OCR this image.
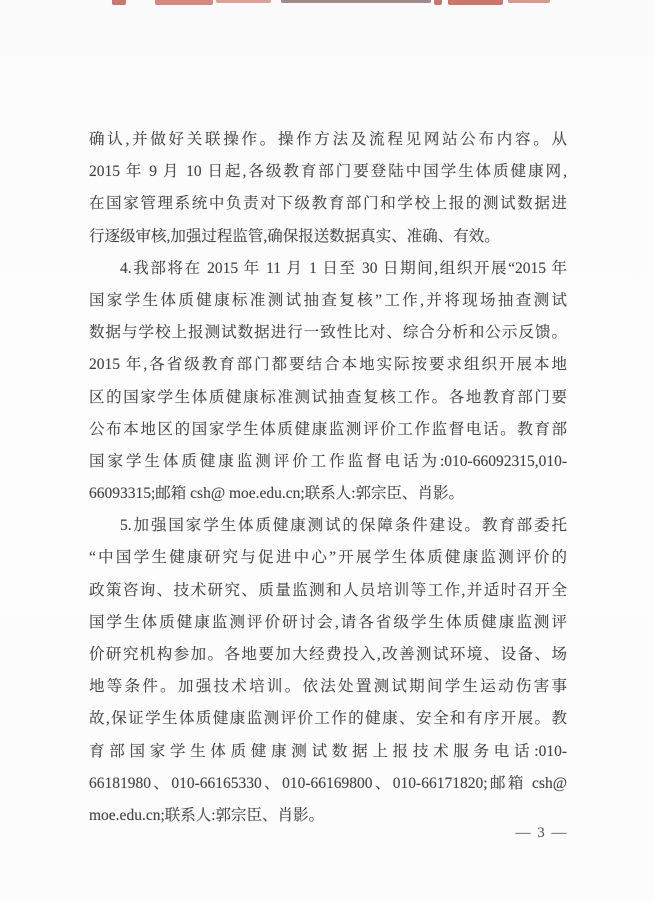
确认,并做好关联操作。操作方法及流程见网站公布内容。从
2015 年 9 月 10 日起,各级教育部门要登陆中国学生体质健康网,
在国家管理系统中负责对下级教育部门和学校上报的测试数据进
行逐级审核,加强过程监管,确保报送数据真实、准确、有效。
4.我部将在 2015 年 11 月 1 日至 30 日期间,组织开展“2015 年
国家学生体质健康标准测试抽查复核”工作,并将现场抽查测试
数据与学校上报测试数据进行一致性比对、综合分析和公示反馈。
2015 年,各省级教育部门都要结合本地实际按要求组织开展本地
区的国家学生体质健康标准测试抽查复核工作。各地教育部门要
公布本地区的国家学生体质健康监测评价工作监督电话。教育部
国家学生体质健康监测评价工作监督电话为:010-66092315,010-
66093315;邮箱 csh@ moe.edu.cn;联系人:郭宗臣、肖影。
5.加强国家学生体质健康测试的保障条件建设。教育部委托
“中国学生健康研究与促进中心”开展学生体质健康监测评价的
政策咨询、技术研究、质量监测和人员培训等工作,并适时召开全
国学生体质健康监测评价研讨会,请各省级学生体质健康监测评
价研究机构参加。各地要加大经费投入,改善测试环境、设备、场
地等条件。加强技术培训。依法处置测试期间学生运动伤害事
故,保证学生体质健康监测评价工作的健康、安全和有序开展。教
育部国家学生体质健康测试数据上报技术服务电话:010-
66181980、010-66165330、010-66169800、010-66171820;邮箱 csh@
moe.edu.cn;联系人:郭宗臣、肖影。
— 3 —
